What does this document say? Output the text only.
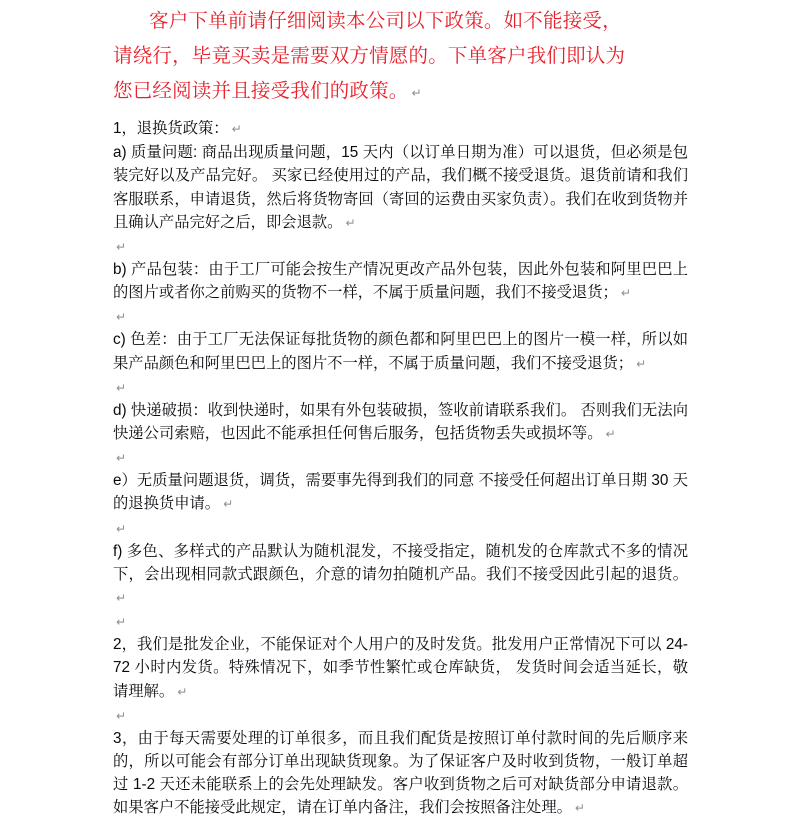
客户下单前请仔细阅读本公司以下政策。如不能接受，
请绕行，毕竟买卖是需要双方情愿的。下单客户我们即认为
您已经阅读并且接受我们的政策。 ↵

1，退换货政策： ↵

a) 质量问题: 商品出现质量问题，15 天内（以订单日期为准）可以退货，但必须是包装完好以及产品完好。 买家已经使用过的产品，我们概不接受退货。退货前请和我们客服联系，申请退货，然后将货物寄回（寄回的运费由买家负责）。我们在收到货物并且确认产品完好之后，即会退款。 ↵

↵

b) 产品包装：由于工厂可能会按生产情况更改产品外包装，因此外包装和阿里巴巴上的图片或者你之前购买的货物不一样，不属于质量问题，我们不接受退货； ↵

↵

c) 色差：由于工厂无法保证每批货物的颜色都和阿里巴巴上的图片一模一样，所以如果产品颜色和阿里巴巴上的图片不一样，不属于质量问题，我们不接受退货； ↵

↵

d) 快递破损：收到快递时，如果有外包装破损，签收前请联系我们。 否则我们无法向快递公司索赔，也因此不能承担任何售后服务，包括货物丢失或损坏等。 ↵

↵

e）无质量问题退货，调货，需要事先得到我们的同意 不接受任何超出订单日期 30 天的退换货申请。 ↵

↵

f) 多色、多样式的产品默认为随机混发，不接受指定，随机发的仓库款式不多的情况下，会出现相同款式跟颜色，介意的请勿拍随机产品。我们不接受因此引起的退货。↵

↵

2，我们是批发企业，不能保证对个人用户的及时发货。批发用户正常情况下可以 24-72 小时内发货。特殊情况下，如季节性繁忙或仓库缺货， 发货时间会适当延长，敬请理解。 ↵

↵

3，由于每天需要处理的订单很多，而且我们配货是按照订单付款时间的先后顺序来的，所以可能会有部分订单出现缺货现象。为了保证客户及时收到货物，一般订单超过 1-2 天还未能联系上的会先处理缺发。客户收到货物之后可对缺货部分申请退款。 如果客户不能接受此规定，请在订单内备注，我们会按照备注处理。 ↵
